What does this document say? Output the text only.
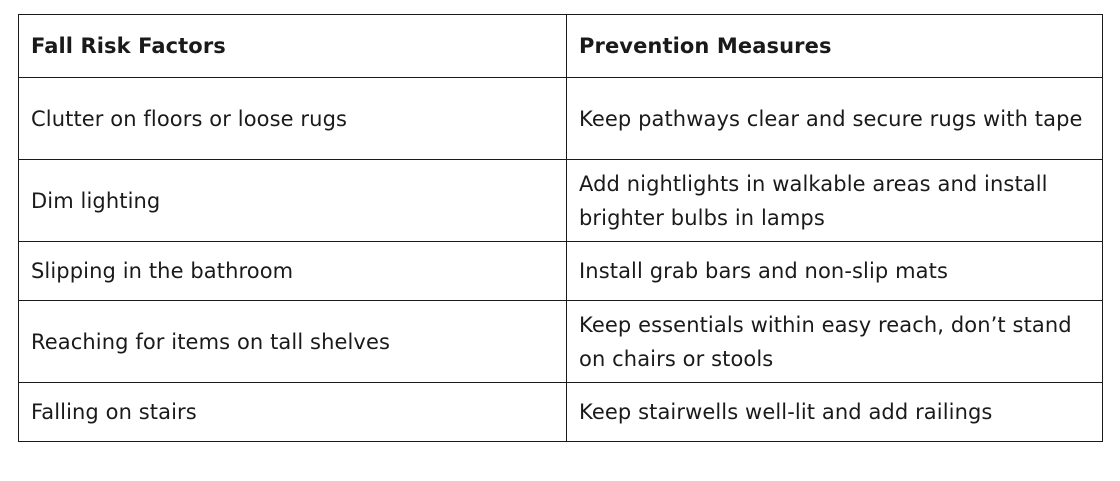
Fall Risk Factors	Prevention Measures
Clutter on floors or loose rugs	Keep pathways clear and secure rugs with tape
Dim lighting	Add nightlights in walkable areas and install brighter bulbs in lamps
Slipping in the bathroom	Install grab bars and non-slip mats
Reaching for items on tall shelves	Keep essentials within easy reach, don’t stand on chairs or stools
Falling on stairs	Keep stairwells well-lit and add railings
